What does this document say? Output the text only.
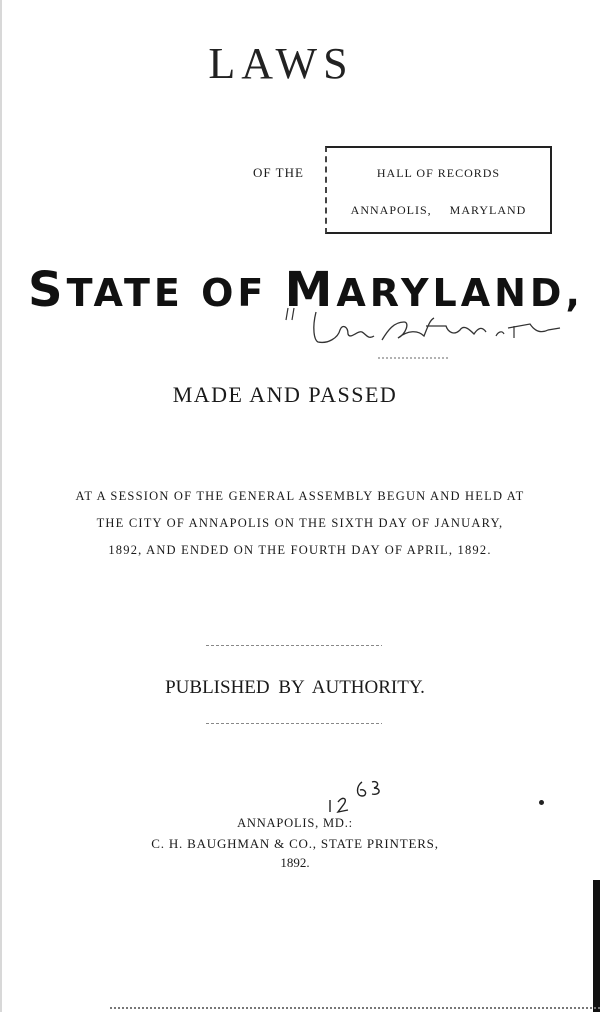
LAWS
OF THE	HALL OF RECORDS
ANNAPOLIS, MARYLAND
STATE OF MARYLAND,
MADE AND PASSED
AT A SESSION OF THE GENERAL ASSEMBLY BEGUN AND HELD AT
THE CITY OF ANNAPOLIS ON THE SIXTH DAY OF JANUARY,
1892, AND ENDED ON THE FOURTH DAY OF APRIL, 1892.
PUBLISHED BY AUTHORITY.
ANNAPOLIS, MD.:
C. H. BAUGHMAN & CO., STATE PRINTERS,
1892.
